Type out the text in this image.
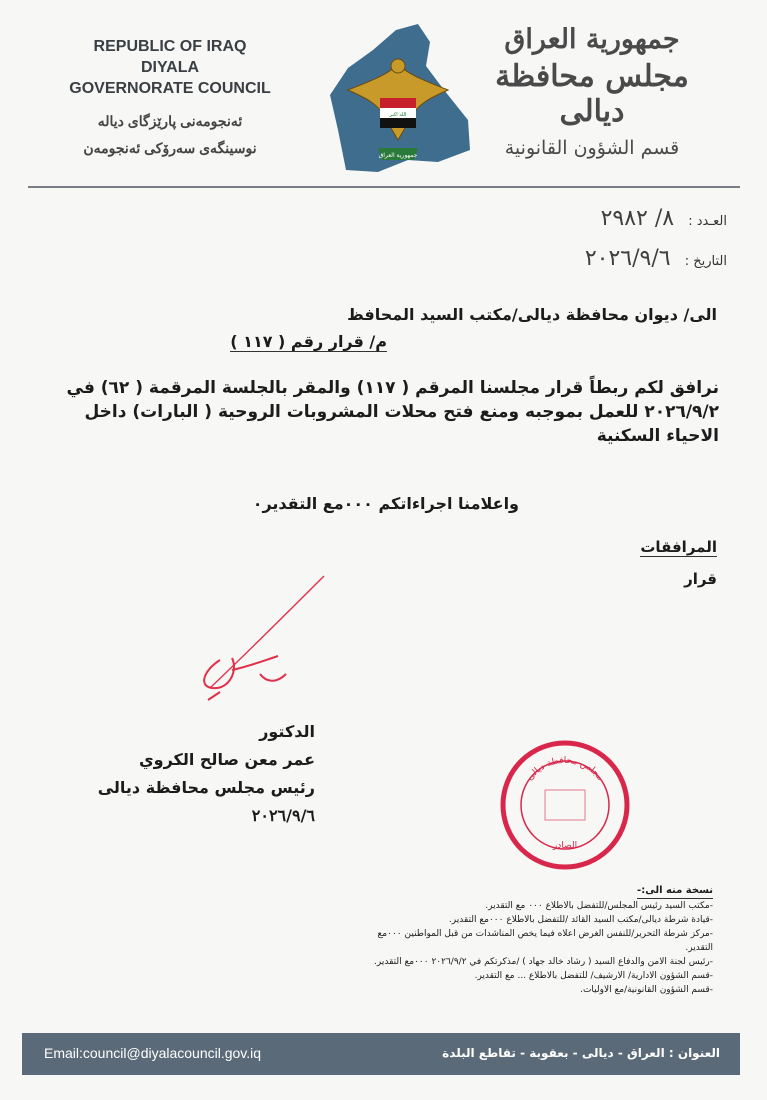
REPUBLIC OF IRAQ
DIYALA
GOVERNORATE COUNCIL
ئەنجومەنی پارێزگای دیالە
نوسینگەی سەرۆکی ئەنجومەن
الله اكبر
جمهورية العراق
جمهورية العراق
مجلس محافظة ديالى
قسم الشؤون القانونية
العـدد : ٨/ ٢٩٨٢
التاريخ : ٢٠٢٦/٩/٦
الى/ ديوان محافظة ديالى/مكتب السيد المحافظ
م/ قرار رقم ( ١١٧ )
نرافق لكم ربطاً قرار مجلسنا المرقم ( ١١٧) والمقر بالجلسة المرقمة ( ٦٢) في ٢٠٢٦/٩/٢ للعمل بموجبه ومنع فتح محلات المشروبات الروحية ( البارات) داخل الاحياء السكنية
واعلامنا اجراءاتكم ٠٠٠مع التقدير٠
المرافقات
قرار
الدكتور
عمر معن صالح الكروي
رئيس مجلس محافظة ديالى
٢٠٢٦/٩/٦
مجلس محافظة ديالى
الصادر
نسخة منه الى:-
-مكتب السيد رئيس المجلس/للتفضل بالاطلاع ٠٠٠ مع التقدير.
-قيادة شرطة ديالى/مكتب السيد القائد /للتفضل بالاطلاع ٠٠٠مع التقدير.
-مركز شرطة التحرير/للنفس الغرض اعلاه فيما يخص المناشدات من قبل المواطنين ٠٠٠مع التقدير.
-رئيس لجنة الامن والدفاع السيد ( رشاد خالد جهاد ) /مذكرتكم في ٢٠٢٦/٩/٢ ٠٠٠مع التقدير.
-قسم الشؤون الادارية/ الارشيف/ للتفضل بالاطلاع ... مع التقدير.
-قسم الشؤون القانونية/مع الاوليات.
Email:council@diyalacouncil.gov.iq	العنوان : العراق - ديالى - بعقوبة - تقاطع البلدة
